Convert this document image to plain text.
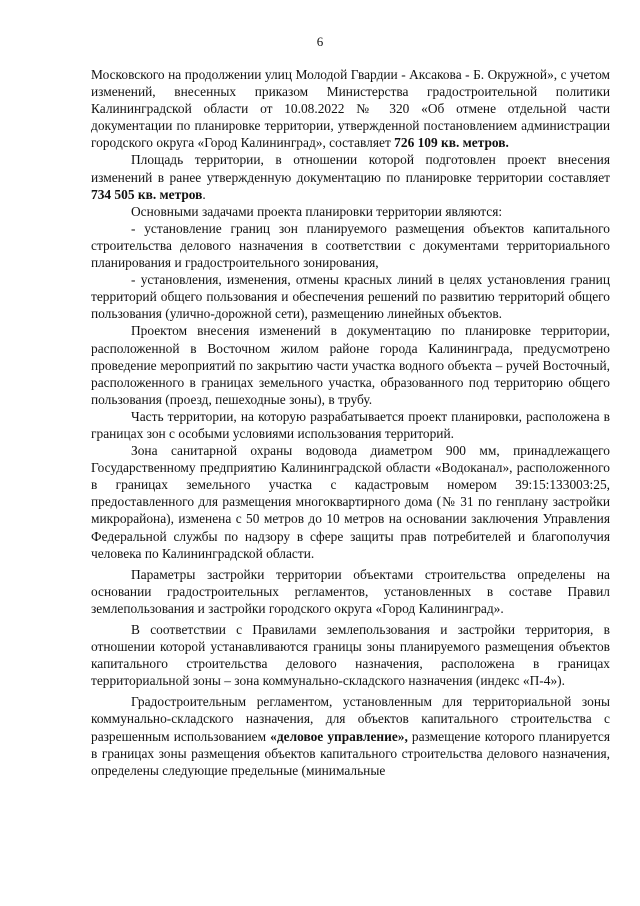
6

Московского на продолжении улиц Молодой Гвардии - Аксакова - Б. Окружной», с учетом изменений, внесенных приказом Министерства градостроительной политики Калининградской области от 10.08.2022 № 320 «Об отмене отдельной части документации по планировке территории, утвержденной постановлением администрации городского округа «Город Калининград», составляет 726 109 кв. метров.

Площадь территории, в отношении которой подготовлен проект внесения изменений в ранее утвержденную документацию по планировке территории составляет 734 505 кв. метров.

Основными задачами проекта планировки территории являются:

- установление границ зон планируемого размещения объектов капитального строительства делового назначения в соответствии с документами территориального планирования и градостроительного зонирования,

- установления, изменения, отмены красных линий в целях установления границ территорий общего пользования и обеспечения решений по развитию территорий общего пользования (улично-дорожной сети), размещению линейных объектов.

Проектом внесения изменений в документацию по планировке территории, расположенной в Восточном жилом районе города Калининграда, предусмотрено проведение мероприятий по закрытию части участка водного объекта – ручей Восточный, расположенного в границах земельного участка, образованного под территорию общего пользования (проезд, пешеходные зоны), в трубу.

Часть территории, на которую разрабатывается проект планировки, расположена в границах зон с особыми условиями использования территорий.

Зона санитарной охраны водовода диаметром 900 мм, принадлежащего Государственному предприятию Калининградской области «Водоканал», расположенного в границах земельного участка с кадастровым номером 39:15:133003:25, предоставленного для размещения многоквартирного дома (№ 31 по генплану застройки микрорайона), изменена с 50 метров до 10 метров на основании заключения Управления Федеральной службы по надзору в сфере защиты прав потребителей и благополучия человека по Калининградской области.

Параметры застройки территории объектами строительства определены на основании градостроительных регламентов, установленных в составе Правил землепользования и застройки городского округа «Город Калининград».

В соответствии с Правилами землепользования и застройки территория, в отношении которой устанавливаются границы зоны планируемого размещения объектов капитального строительства делового назначения, расположена в границах территориальной зоны – зона коммунально-складского назначения (индекс «П-4»).

Градостроительным регламентом, установленным для территориальной зоны коммунально-складского назначения, для объектов капитального строительства с разрешенным использованием «деловое управление», размещение которого планируется в границах зоны размещения объектов капитального строительства делового назначения, определены следующие предельные (минимальные
